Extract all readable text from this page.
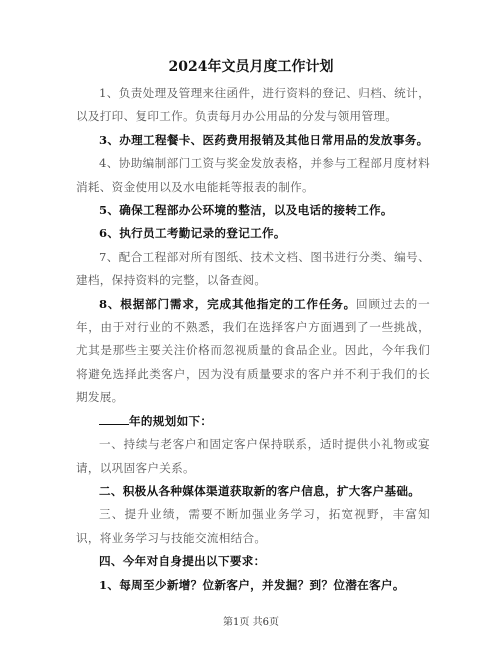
2024年文员月度工作计划

1、负责处理及管理来往函件，进行资料的登记、归档、统计，以及打印、复印工作。负责每月办公用品的分发与领用管理。

3、办理工程餐卡、医药费用报销及其他日常用品的发放事务。

4、协助编制部门工资与奖金发放表格，并参与工程部月度材料消耗、资金使用以及水电能耗等报表的制作。

5、确保工程部办公环境的整洁，以及电话的接转工作。

6、执行员工考勤记录的登记工作。

7、配合工程部对所有图纸、技术文档、图书进行分类、编号、建档，保持资料的完整，以备查阅。

8、根据部门需求，完成其他指定的工作任务。回顾过去的一年，由于对行业的不熟悉，我们在选择客户方面遇到了一些挑战，尤其是那些主要关注价格而忽视质量的食品企业。因此，今年我们将避免选择此类客户，因为没有质量要求的客户并不利于我们的长期发展。

年的规划如下：

一、持续与老客户和固定客户保持联系，适时提供小礼物或宴请，以巩固客户关系。

二、积极从各种媒体渠道获取新的客户信息，扩大客户基础。

三、提升业绩，需要不断加强业务学习，拓宽视野，丰富知识，将业务学习与技能交流相结合。

四、今年对自身提出以下要求：

1、每周至少新增？位新客户，并发掘？到？位潜在客户。

第1页 共6页
